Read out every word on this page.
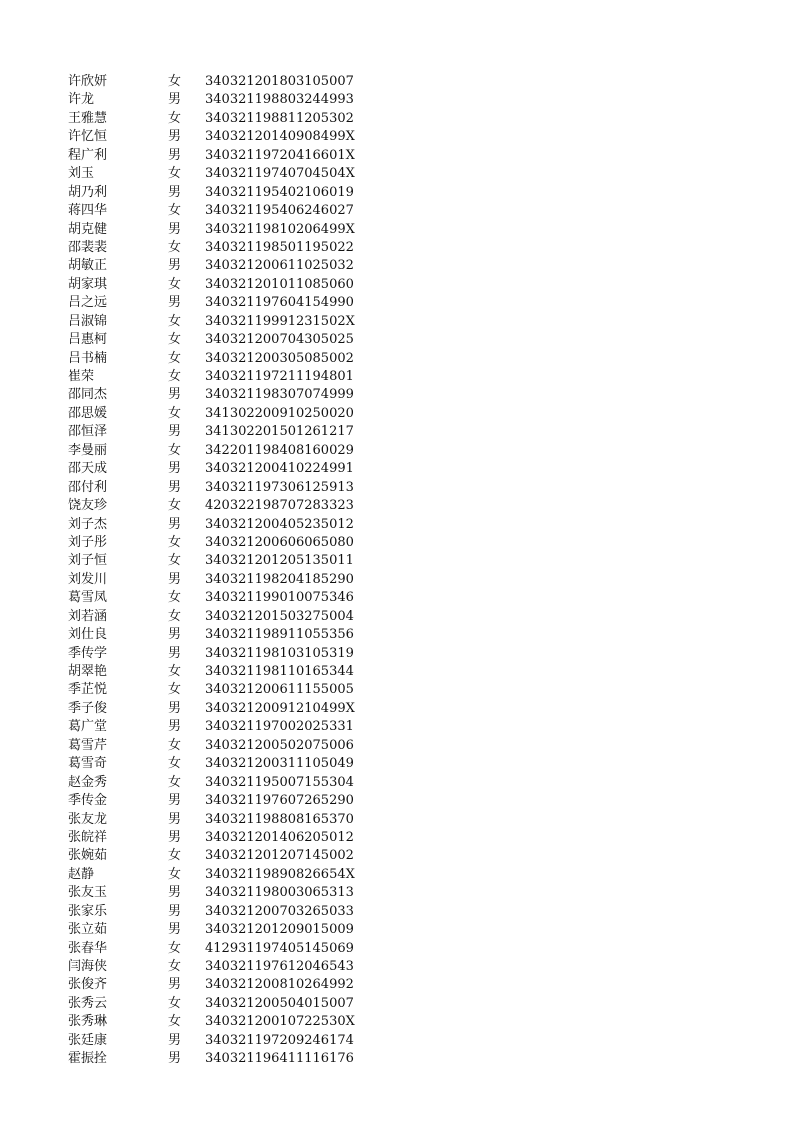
许欣妍	女 340321201803105007
许龙	男 340321198803244993
王雅慧	女 340321198811205302
许忆恒	男 34032120140908499X
程广利	男 34032119720416601X
刘玉	女 34032119740704504X
胡乃利	男 340321195402106019
蒋四华	女 340321195406246027
胡克健	男 34032119810206499X
邵裴裴	女 340321198501195022
胡敏正	男 340321200611025032
胡家琪	女 340321201011085060
吕之远	男 340321197604154990
吕淑锦	女 34032119991231502X
吕惠柯	女 340321200704305025
吕书楠	女 340321200305085002
崔荣	女 340321197211194801
邵同杰	男 340321198307074999
邵思媛	女 341302200910250020
邵恒泽	男 341302201501261217
李曼丽	女 342201198408160029
邵天成	男 340321200410224991
邵付利	男 340321197306125913
饶友珍	女 420322198707283323
刘子杰	男 340321200405235012
刘子彤	女 340321200606065080
刘子恒	女 340321201205135011
刘发川	男 340321198204185290
葛雪凤	女 340321199010075346
刘若涵	女 340321201503275004
刘仕良	男 340321198911055356
季传学	男 340321198103105319
胡翠艳	女 340321198110165344
季芷悦	女 340321200611155005
季子俊	男 34032120091210499X
葛广堂	男 340321197002025331
葛雪芹	女 340321200502075006
葛雪奇	女 340321200311105049
赵金秀	女 340321195007155304
季传金	男 340321197607265290
张友龙	男 340321198808165370
张皖祥	男 340321201406205012
张婉茹	女 340321201207145002
赵静	女 34032119890826654X
张友玉	男 340321198003065313
张家乐	男 340321200703265033
张立茹	男 340321201209015009
张春华	女 412931197405145069
闫海侠	女 340321197612046543
张俊齐	男 340321200810264992
张秀云	女 340321200504015007
张秀琳	女 34032120010722530X
张廷康	男 340321197209246174
霍振拴	男 340321196411116176
